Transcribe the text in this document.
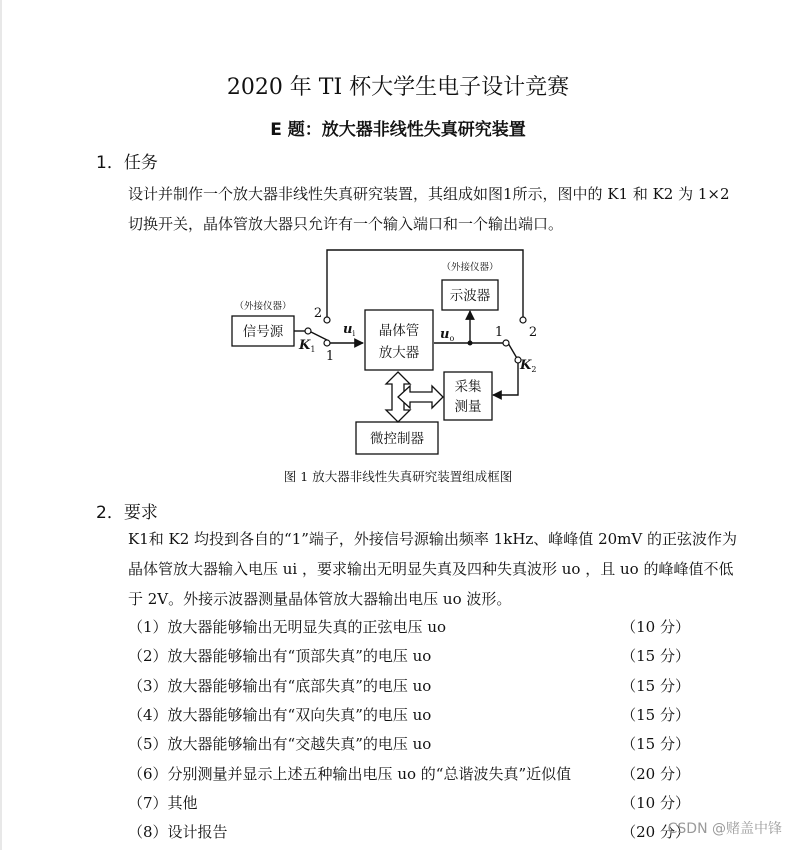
2020 年 TI 杯大学生电子设计竞赛
E 题：放大器非线性失真研究装置
1．任务
设计并制作一个放大器非线性失真研究装置，其组成如图1所示，图中的 K1 和 K2 为 1×2切换开关，晶体管放大器只允许有一个输入端口和一个输出端口。
（外接仪器）
信号源
（外接仪器）
示波器
晶体管
放大器
采集
测量
微控制器
2
1
1 2
$K_1$
$K_2$
$u_i$	$u_o$
图 1 放大器非线性失真研究装置组成框图
2．要求
K1和 K2 均投到各自的“1”端子，外接信号源输出频率 1kHz、峰峰值 20mV 的正弦波作为晶体管放大器输入电压 ui ，要求输出无明显失真及四种失真波形 uo ，且 uo 的峰峰值不低于 2V。外接示波器测量晶体管放大器输出电压 uo 波形。
（1）放大器能够输出无明显失真的正弦电压 uo	（10 分）
（2）放大器能够输出有“顶部失真”的电压 uo	（15 分）
（3）放大器能够输出有“底部失真”的电压 uo	（15 分）
（4）放大器能够输出有“双向失真”的电压 uo	（15 分）
（5）放大器能够输出有“交越失真”的电压 uo	（15 分）
（6）分别测量并显示上述五种输出电压 uo 的“总谐波失真”近似值	（20 分）
（7）其他	（10 分）
（8）设计报告	（20 分）
CSDN @赌盖中锋
